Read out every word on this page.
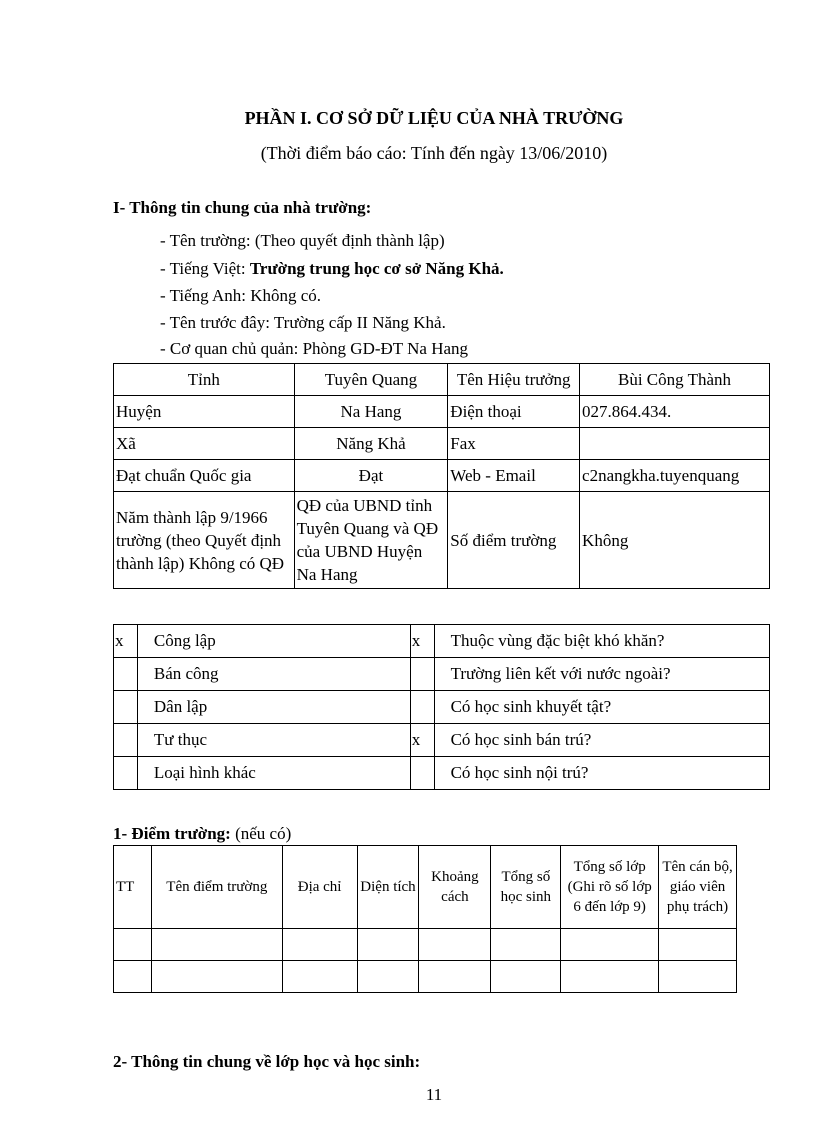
PHẦN I. CƠ SỞ DỮ LIỆU CỦA NHÀ TRƯỜNG
(Thời điểm báo cáo: Tính đến ngày 13/06/2010)
I- Thông tin chung của nhà trường:
- Tên trường: (Theo quyết định thành lập)
- Tiếng Việt: Trường trung học cơ sở Năng Khả.
- Tiếng Anh: Không có.
- Tên trước đây: Trường cấp II Năng Khả.
- Cơ quan chủ quản: Phòng GD-ĐT Na Hang
Tỉnh	Tuyên Quang	Tên Hiệu trưởng	Bùi Công Thành
Huyện	Na Hang	Điện thoại	027.864.434.
Xã	Năng Khả	Fax	
Đạt chuẩn Quốc gia	Đạt	Web - Email	c2nangkha.tuyenquang
Năm thành lập 9/1966 trường (theo Quyết định thành lập) Không có QĐ	QĐ của UBND tỉnh Tuyên Quang và QĐ của UBND Huyện Na Hang	Số điểm trường	Không
x	Công lập	x	Thuộc vùng đặc biệt khó khăn?
	Bán công		Trường liên kết với nước ngoài?
	Dân lập		Có học sinh khuyết tật?
	Tư thục	x	Có học sinh bán trú?
	Loại hình khác		Có học sinh nội trú?
1- Điểm trường: (nếu có)
TT	Tên điểm trường	Địa chỉ	Diện tích	Khoảng cách	Tổng số học sinh	Tổng số lớp (Ghi rõ số lớp 6 đến lớp 9)	Tên cán bộ, giáo viên phụ trách)

2- Thông tin chung về lớp học và học sinh:
11
